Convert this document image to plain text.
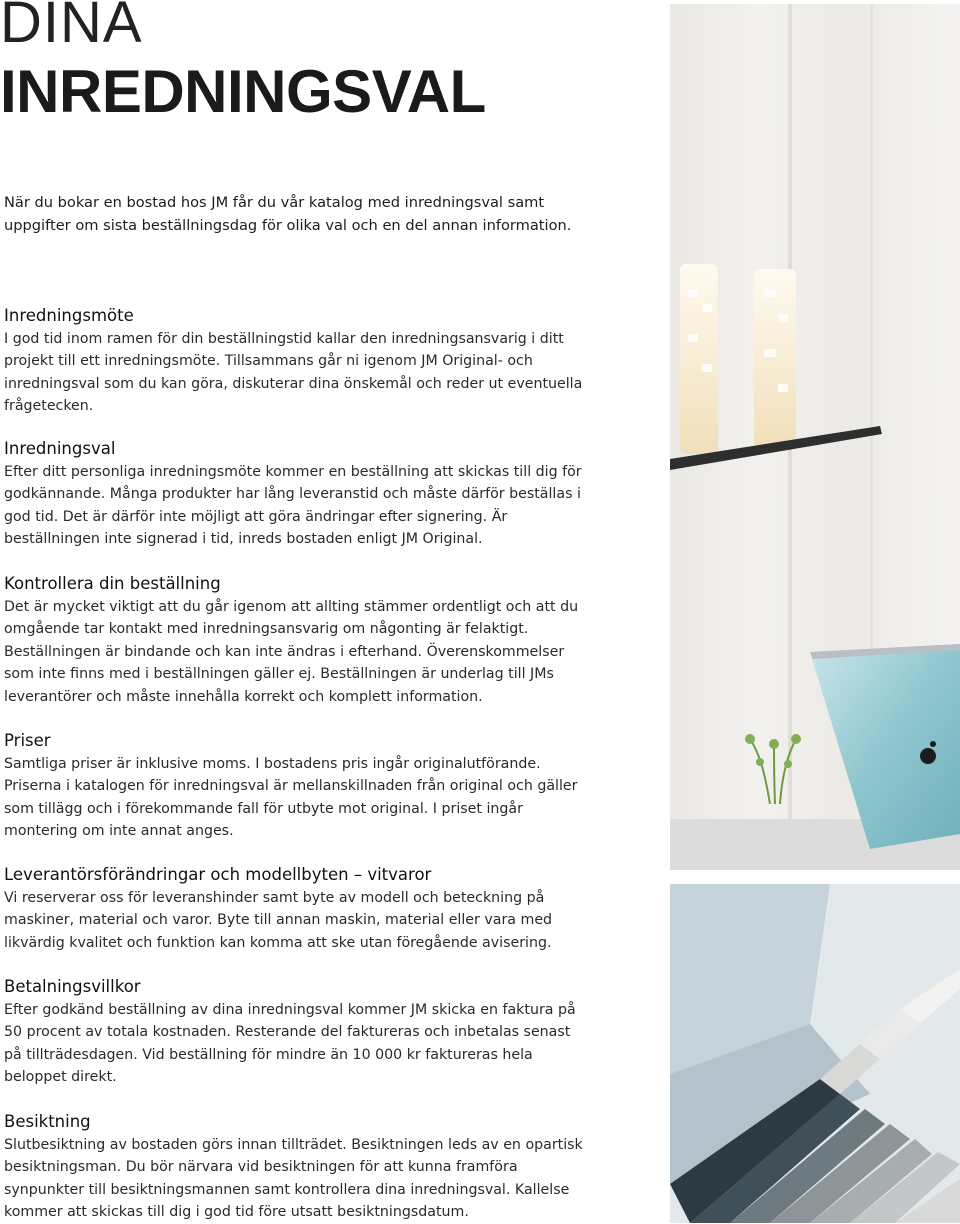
DINA
INREDNINGSVAL

När du bokar en bostad hos JM får du vår katalog med inredningsval samt uppgifter om sista beställningsdag för olika val och en del annan information.

Inredningsmöte

I god tid inom ramen för din beställningstid kallar den inredningsansvarig i ditt projekt till ett inredningsmöte. Tillsammans går ni igenom JM Original- och inredningsval som du kan göra, diskuterar dina önskemål och reder ut eventuella frågetecken.

Inredningsval

Efter ditt personliga inredningsmöte kommer en beställning att skickas till dig för godkännande. Många produkter har lång leveranstid och måste därför beställas i god tid. Det är därför inte möjligt att göra ändringar efter signering. Är beställningen inte signerad i tid, inreds bostaden enligt JM Original.

Kontrollera din beställning

Det är mycket viktigt att du går igenom att allting stämmer ordentligt och att du omgående tar kontakt med inredningsansvarig om någonting är felaktigt. Beställningen är bindande och kan inte ändras i efterhand. Överenskommelser som inte finns med i beställningen gäller ej. Beställningen är underlag till JMs leverantörer och måste innehålla korrekt och komplett information.

Priser

Samtliga priser är inklusive moms. I bostadens pris ingår originalutförande. Priserna i katalogen för inredningsval är mellanskillnaden från original och gäller som tillägg och i förekommande fall för utbyte mot original. I priset ingår montering om inte annat anges.

Leverantörsförändringar och modellbyten – vitvaror

Vi reserverar oss för leveranshinder samt byte av modell och beteckning på maskiner, material och varor. Byte till annan maskin, material eller vara med likvärdig kvalitet och funktion kan komma att ske utan föregående avisering.

Betalningsvillkor

Efter godkänd beställning av dina inredningsval kommer JM skicka en faktura på 50 procent av totala kostnaden. Resterande del faktureras och inbetalas senast på tillträdesdagen. Vid beställning för mindre än 10 000 kr faktureras hela beloppet direkt.

Besiktning

Slutbesiktning av bostaden görs innan tillträdet. Besiktningen leds av en opartisk besiktningsman. Du bör närvara vid besiktningen för att kunna framföra synpunkter till besiktningsmannen samt kontrollera dina inredningsval. Kallelse kommer att skickas till dig i god tid före utsatt besiktningsdatum.
